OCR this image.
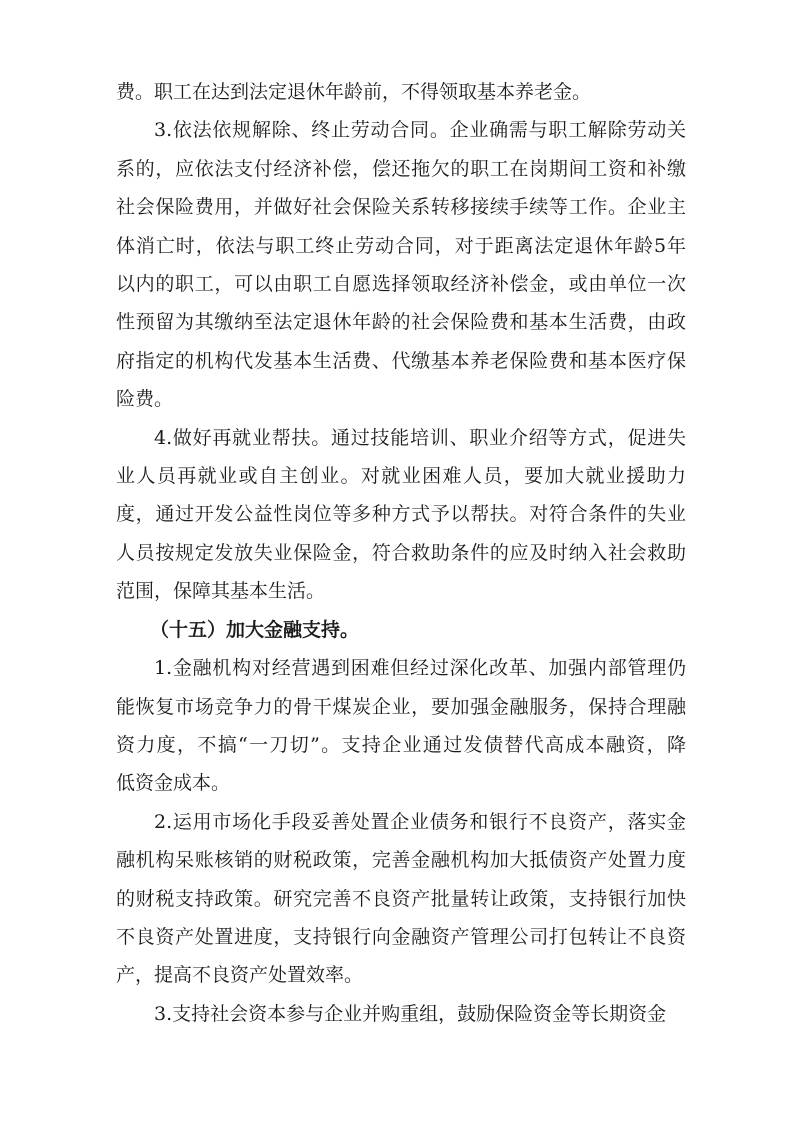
费。职工在达到法定退休年龄前，不得领取基本养老金。

3.依法依规解除、终止劳动合同。企业确需与职工解除劳动关
系的，应依法支付经济补偿，偿还拖欠的职工在岗期间工资和补缴
社会保险费用，并做好社会保险关系转移接续手续等工作。企业主
体消亡时，依法与职工终止劳动合同，对于距离法定退休年龄5年
以内的职工，可以由职工自愿选择领取经济补偿金，或由单位一次
性预留为其缴纳至法定退休年龄的社会保险费和基本生活费，由政
府指定的机构代发基本生活费、代缴基本养老保险费和基本医疗保
险费。

4.做好再就业帮扶。通过技能培训、职业介绍等方式，促进失
业人员再就业或自主创业。对就业困难人员，要加大就业援助力
度，通过开发公益性岗位等多种方式予以帮扶。对符合条件的失业
人员按规定发放失业保险金，符合救助条件的应及时纳入社会救助
范围，保障其基本生活。

（十五）加大金融支持。

1.金融机构对经营遇到困难但经过深化改革、加强内部管理仍
能恢复市场竞争力的骨干煤炭企业，要加强金融服务，保持合理融
资力度，不搞“一刀切”。支持企业通过发债替代高成本融资，降
低资金成本。

2.运用市场化手段妥善处置企业债务和银行不良资产，落实金
融机构呆账核销的财税政策，完善金融机构加大抵债资产处置力度
的财税支持政策。研究完善不良资产批量转让政策，支持银行加快
不良资产处置进度，支持银行向金融资产管理公司打包转让不良资
产，提高不良资产处置效率。

3.支持社会资本参与企业并购重组，鼓励保险资金等长期资金
